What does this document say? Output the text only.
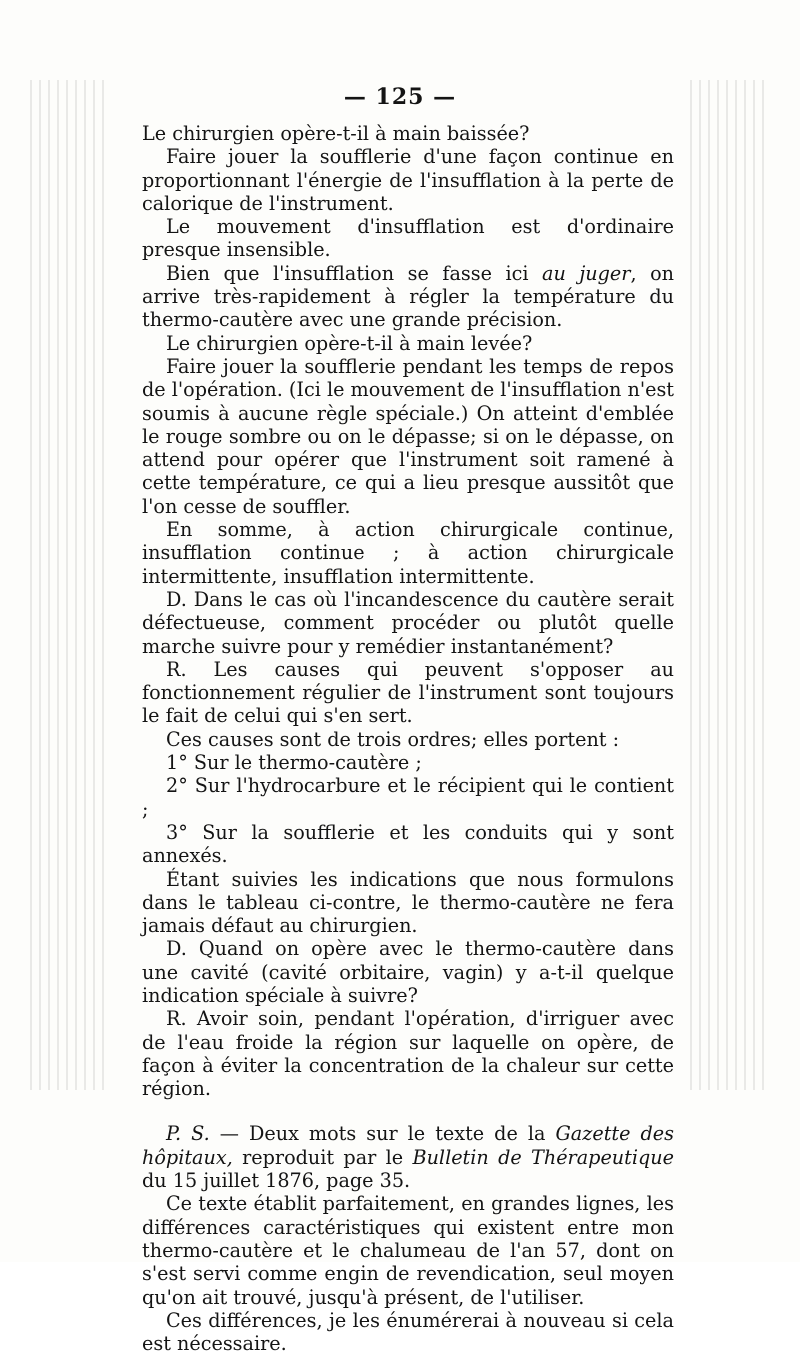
— 125 —

Le chirurgien opère-t-il à main baissée?

Faire jouer la soufflerie d'une façon continue en proportionnant l'énergie de l'insufflation à la perte de calorique de l'instrument.

Le mouvement d'insufflation est d'ordinaire presque insensible.

Bien que l'insufflation se fasse ici au juger, on arrive très-rapidement à régler la température du thermo-cautère avec une grande précision.

Le chirurgien opère-t-il à main levée?

Faire jouer la soufflerie pendant les temps de repos de l'opération. (Ici le mouvement de l'insufflation n'est soumis à aucune règle spéciale.) On atteint d'emblée le rouge sombre ou on le dépasse; si on le dépasse, on attend pour opérer que l'instrument soit ramené à cette température, ce qui a lieu presque aussitôt que l'on cesse de souffler.

En somme, à action chirurgicale continue, insufflation continue ; à action chirurgicale intermittente, insufflation intermittente.

D. Dans le cas où l'incandescence du cautère serait défectueuse, comment procéder ou plutôt quelle marche suivre pour y remédier instantanément?

R. Les causes qui peuvent s'opposer au fonctionnement régulier de l'instrument sont toujours le fait de celui qui s'en sert.

Ces causes sont de trois ordres; elles portent :

1° Sur le thermo-cautère ;

2° Sur l'hydrocarbure et le récipient qui le contient ;

3° Sur la soufflerie et les conduits qui y sont annexés.

Étant suivies les indications que nous formulons dans le tableau ci-contre, le thermo-cautère ne fera jamais défaut au chirurgien.

D. Quand on opère avec le thermo-cautère dans une cavité (cavité orbitaire, vagin) y a-t-il quelque indication spéciale à suivre?

R. Avoir soin, pendant l'opération, d'irriguer avec de l'eau froide la région sur laquelle on opère, de façon à éviter la concentration de la chaleur sur cette région.

P. S. — Deux mots sur le texte de la Gazette des hôpitaux, reproduit par le Bulletin de Thérapeutique du 15 juillet 1876, page 35.

Ce texte établit parfaitement, en grandes lignes, les différences caractéristiques qui existent entre mon thermo-cautère et le chalumeau de l'an 57, dont on s'est servi comme engin de revendication, seul moyen qu'on ait trouvé, jusqu'à présent, de l'utiliser.

Ces différences, je les énumérerai à nouveau si cela est nécessaire.
